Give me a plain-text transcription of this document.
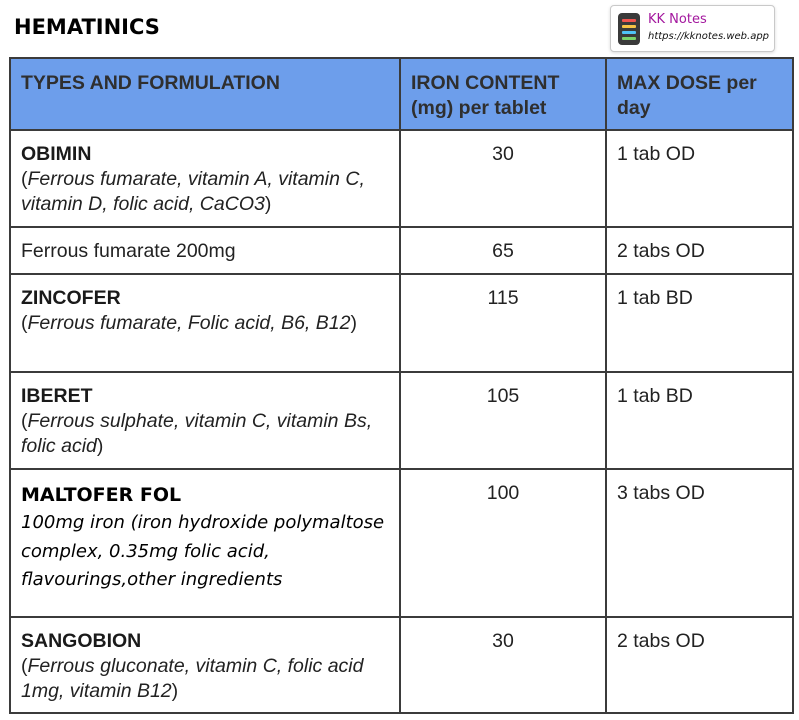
HEMATINICS	KK Notes
https://kknotes.web.app
TYPES AND FORMULATION	IRON CONTENT (mg) per tablet	MAX DOSE per day

OBIMIN
(Ferrous fumarate, vitamin A, vitamin C, vitamin D, folic acid, CaCO3)	30	1 tab OD
Ferrous fumarate 200mg	65	2 tabs OD

ZINCOFER
(Ferrous fumarate, Folic acid, B6, B12)	115	1 tab BD

IBERET
(Ferrous sulphate, vitamin C, vitamin Bs, folic acid)	105	1 tab BD

MALTOFER FOL
100mg iron (iron hydroxide polymaltose complex, 0.35mg folic acid, flavourings,other ingredients	100	3 tabs OD

SANGOBION
(Ferrous gluconate, vitamin C, folic acid 1mg, vitamin B12)	30	2 tabs OD
